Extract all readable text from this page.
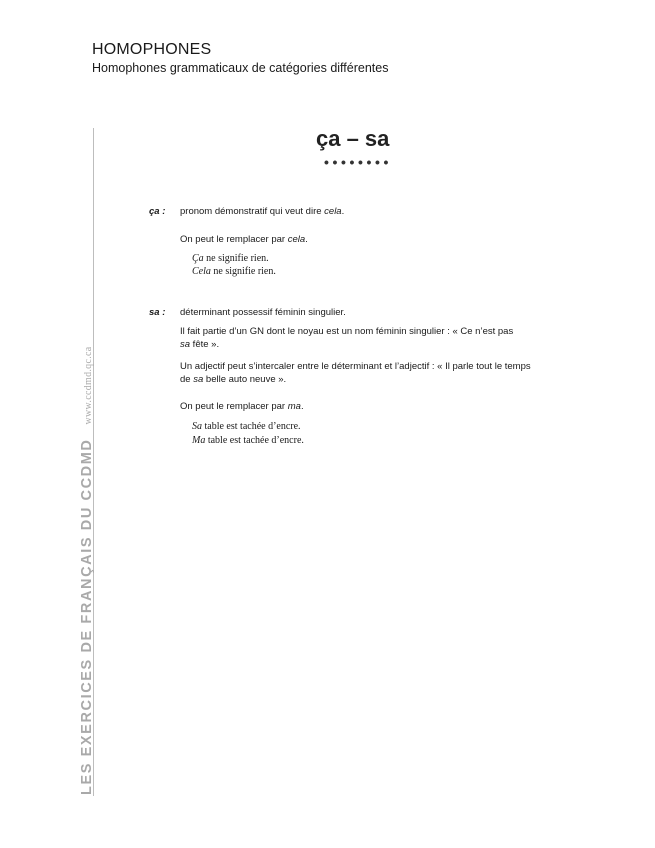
HOMOPHONES
Homophones grammaticaux de catégories différentes
LES EXERCICES DE FRANÇAIS DU CCDMDwww.ccdmd.qc.ca
ça – sa
••••••••
ça : pronom démonstratif qui veut dire cela.
On peut le remplacer par cela.
Ça ne signifie rien.
Cela ne signifie rien.
sa : déterminant possessif féminin singulier.
Il fait partie d’un GN dont le noyau est un nom féminin singulier : « Ce n’est pas
sa fête ».
Un adjectif peut s’intercaler entre le déterminant et l’adjectif : « Il parle tout le temps
de sa belle auto neuve ».
On peut le remplacer par ma.
Sa table est tachée d’encre.
Ma table est tachée d’encre.
